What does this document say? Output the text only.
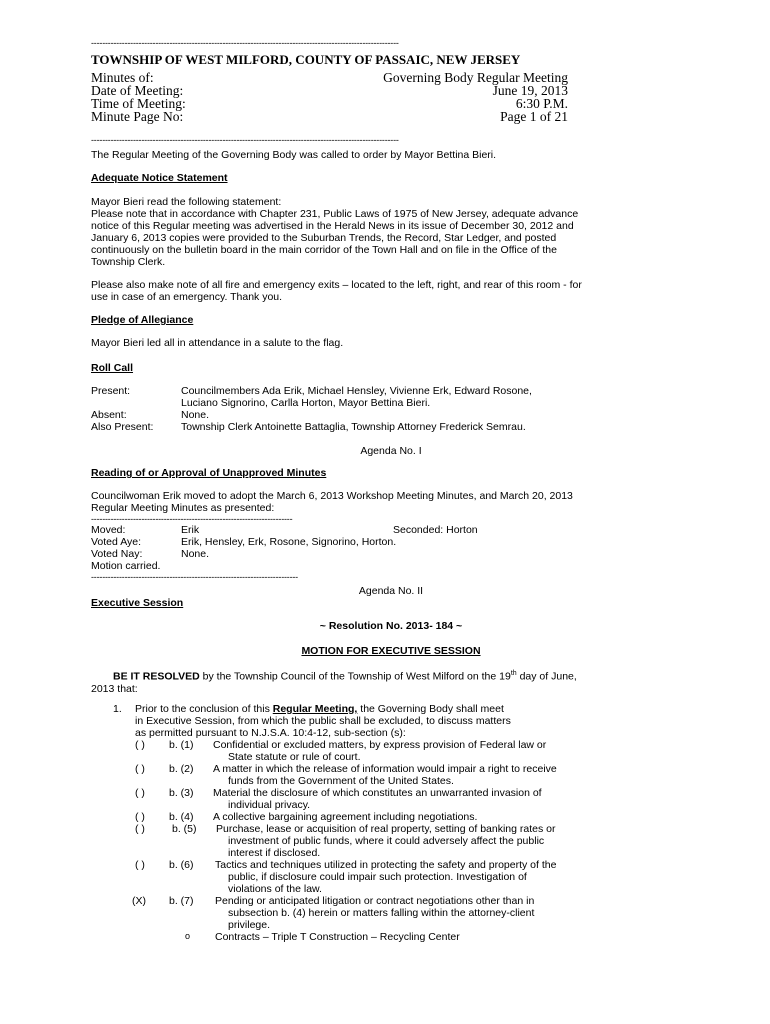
--------------------------------------------------------------------------------------------------------------
TOWNSHIP OF WEST MILFORD, COUNTY OF PASSAIC, NEW JERSEY
Minutes of:	Governing Body Regular Meeting
Date of Meeting:	June 19, 2013
Time of Meeting:	6:30 P.M.
Minute Page No:	Page 1 of 21
--------------------------------------------------------------------------------------------------------------

The Regular Meeting of the Governing Body was called to order by Mayor Bettina Bieri.

Adequate Notice Statement

Mayor Bieri read the following statement:

Please note that in accordance with Chapter 231, Public Laws of 1975 of New Jersey, adequate advance

notice of this Regular meeting was advertised in the Herald News in its issue of December 30, 2012 and

January 6, 2013 copies were provided to the Suburban Trends, the Record, Star Ledger, and posted

continuously on the bulletin board in the main corridor of the Town Hall and on file in the Office of the

Township Clerk.

Please also make note of all fire and emergency exits – located to the left, right, and rear of this room - for

use in case of an emergency. Thank you.

Pledge of Allegiance

Mayor Bieri led all in attendance in a salute to the flag.

Roll Call

Present:	Councilmembers Ada Erik, Michael Hensley, Vivienne Erk, Edward Rosone,

Luciano Signorino, Carlla Horton, Mayor Bettina Bieri.

Absent:	None.
Also Present:	Township Clerk Antoinette Battaglia, Township Attorney Frederick Semrau.

Agenda No. I

Reading of or Approval of Unapproved Minutes

Councilwoman Erik moved to adopt the March 6, 2013 Workshop Meeting Minutes, and March 20, 2013

Regular Meeting Minutes as presented:

------------------------------------------------------------------------

Moved:	Erik	Seconded: Horton
Voted Aye:	Erik, Hensley, Erk, Rosone, Signorino, Horton.
Voted Nay:	None.

Motion carried.

--------------------------------------------------------------------------

Agenda No. II

Executive Session

~ Resolution No. 2013- 184 ~

MOTION FOR EXECUTIVE SESSION

BE IT RESOLVED by the Township Council of the Township of West Milford on the 19th day of June,

2013 that:

1. Prior to the conclusion of this Regular Meeting, the Governing Body shall meet
in Executive Session, from which the public shall be excluded, to discuss matters
as permitted pursuant to N.J.S.A. 10:4-12, sub-section (s):
( ) b. (1) Confidential or excluded matters, by express provision of Federal law or
State statute or rule of court.
( ) b. (2) A matter in which the release of information would impair a right to receive
funds from the Government of the United States.
( ) b. (3) Material the disclosure of which constitutes an unwarranted invasion of
individual privacy.
( ) b. (4) A collective bargaining agreement including negotiations.
( )	b. (5) Purchase, lease or acquisition of real property, setting of banking rates or
investment of public funds, where it could adversely affect the public
interest if disclosed.
( ) b. (6) Tactics and techniques utilized in protecting the safety and property of the
public, if disclosure could impair such protection. Investigation of
violations of the law.
(X) b. (7) Pending or anticipated litigation or contract negotiations other than in
subsection b. (4) herein or matters falling within the attorney-client
privilege.
o Contracts – Triple T Construction – Recycling Center
